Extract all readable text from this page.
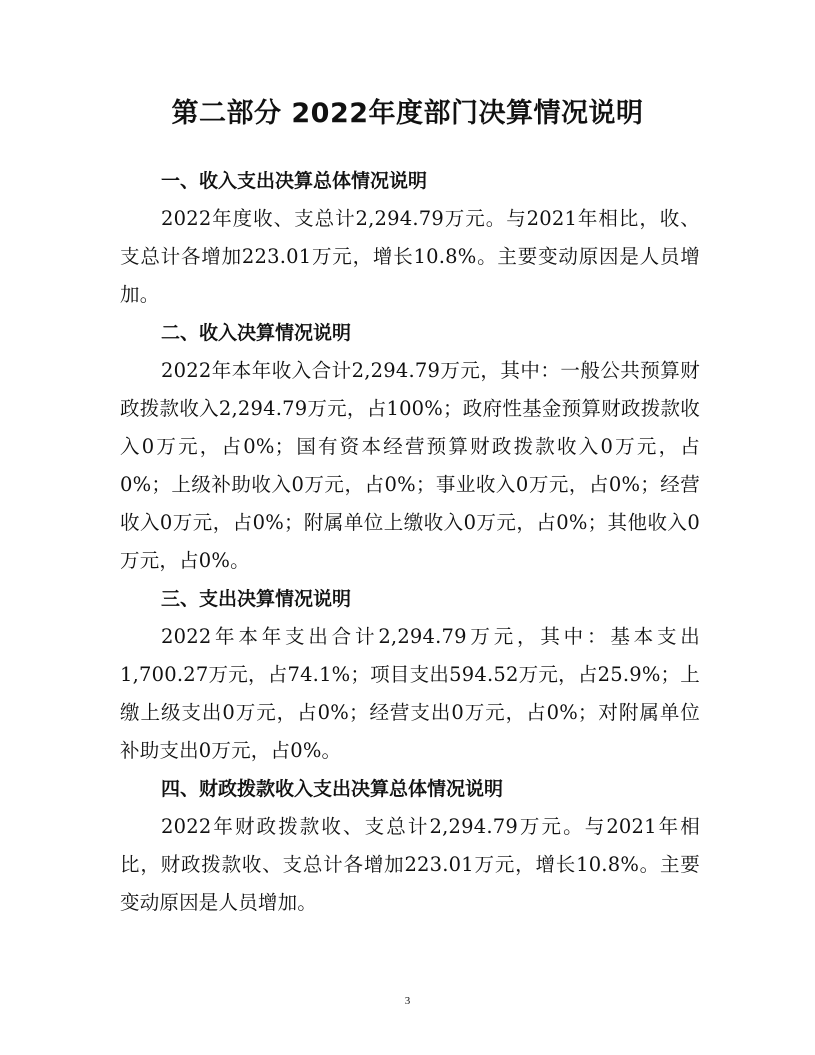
第二部分 2022年度部门决算情况说明
一、收入支出决算总体情况说明

2022年度收、支总计2,294.79万元。与2021年相比，收、支总计各增加223.01万元，增长10.8%。主要变动原因是人员增加。

二、收入决算情况说明

2022年本年收入合计2,294.79万元，其中：一般公共预算财政拨款收入2,294.79万元，占100%；政府性基金预算财政拨款收入0万元，占0%；国有资本经营预算财政拨款收入0万元，占0%；上级补助收入0万元，占0%；事业收入0万元，占0%；经营收入0万元，占0%；附属单位上缴收入0万元，占0%；其他收入0万元，占0%。

三、支出决算情况说明

2022年本年支出合计2,294.79万元，其中：基本支出1,700.27万元，占74.1%；项目支出594.52万元，占25.9%；上缴上级支出0万元，占0%；经营支出0万元，占0%；对附属单位补助支出0万元，占0%。

四、财政拨款收入支出决算总体情况说明

2022年财政拨款收、支总计2,294.79万元。与2021年相比，财政拨款收、支总计各增加223.01万元，增长10.8%。主要变动原因是人员增加。

3
